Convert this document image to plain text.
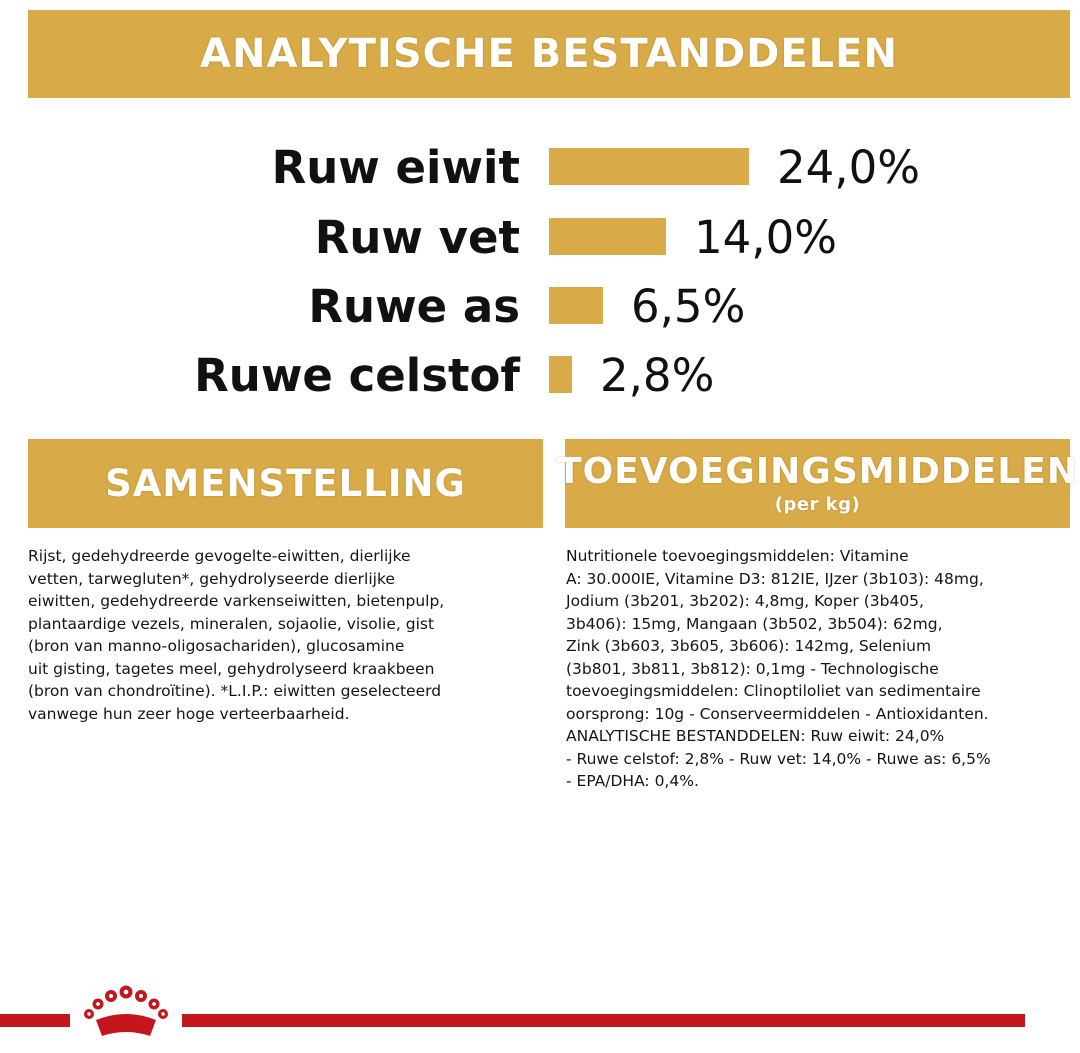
ANALYTISCHE BESTANDDELEN
Ruw eiwit	24,0%
Ruw vet	14,0%
Ruwe as 6,5%
Ruwe celstof 2,8%
SAMENSTELLING	TOEVOEGINGSMIDDELEN
(per kg)
Rijst, gedehydreerde gevogelte-eiwitten, dierlijke
vetten, tarwegluten*, gehydrolyseerde dierlijke
eiwitten, gedehydreerde varkenseiwitten, bietenpulp,
plantaardige vezels, mineralen, sojaolie, visolie, gist
(bron van manno-oligosachariden), glucosamine
uit gisting, tagetes meel, gehydrolyseerd kraakbeen
(bron van chondroïtine). *L.I.P.: eiwitten geselecteerd
vanwege hun zeer hoge verteerbaarheid.
Nutritionele toevoegingsmiddelen: Vitamine
A: 30.000IE, Vitamine D3: 812IE, IJzer (3b103): 48mg,
Jodium (3b201, 3b202): 4,8mg, Koper (3b405,
3b406): 15mg, Mangaan (3b502, 3b504): 62mg,
Zink (3b603, 3b605, 3b606): 142mg, Selenium
(3b801, 3b811, 3b812): 0,1mg - Technologische
toevoegingsmiddelen: Clinoptiloliet van sedimentaire
oorsprong: 10g - Conserveermiddelen - Antioxidanten.
ANALYTISCHE BESTANDDELEN: Ruw eiwit: 24,0%
- Ruwe celstof: 2,8% - Ruw vet: 14,0% - Ruwe as: 6,5%
- EPA/DHA: 0,4%.
